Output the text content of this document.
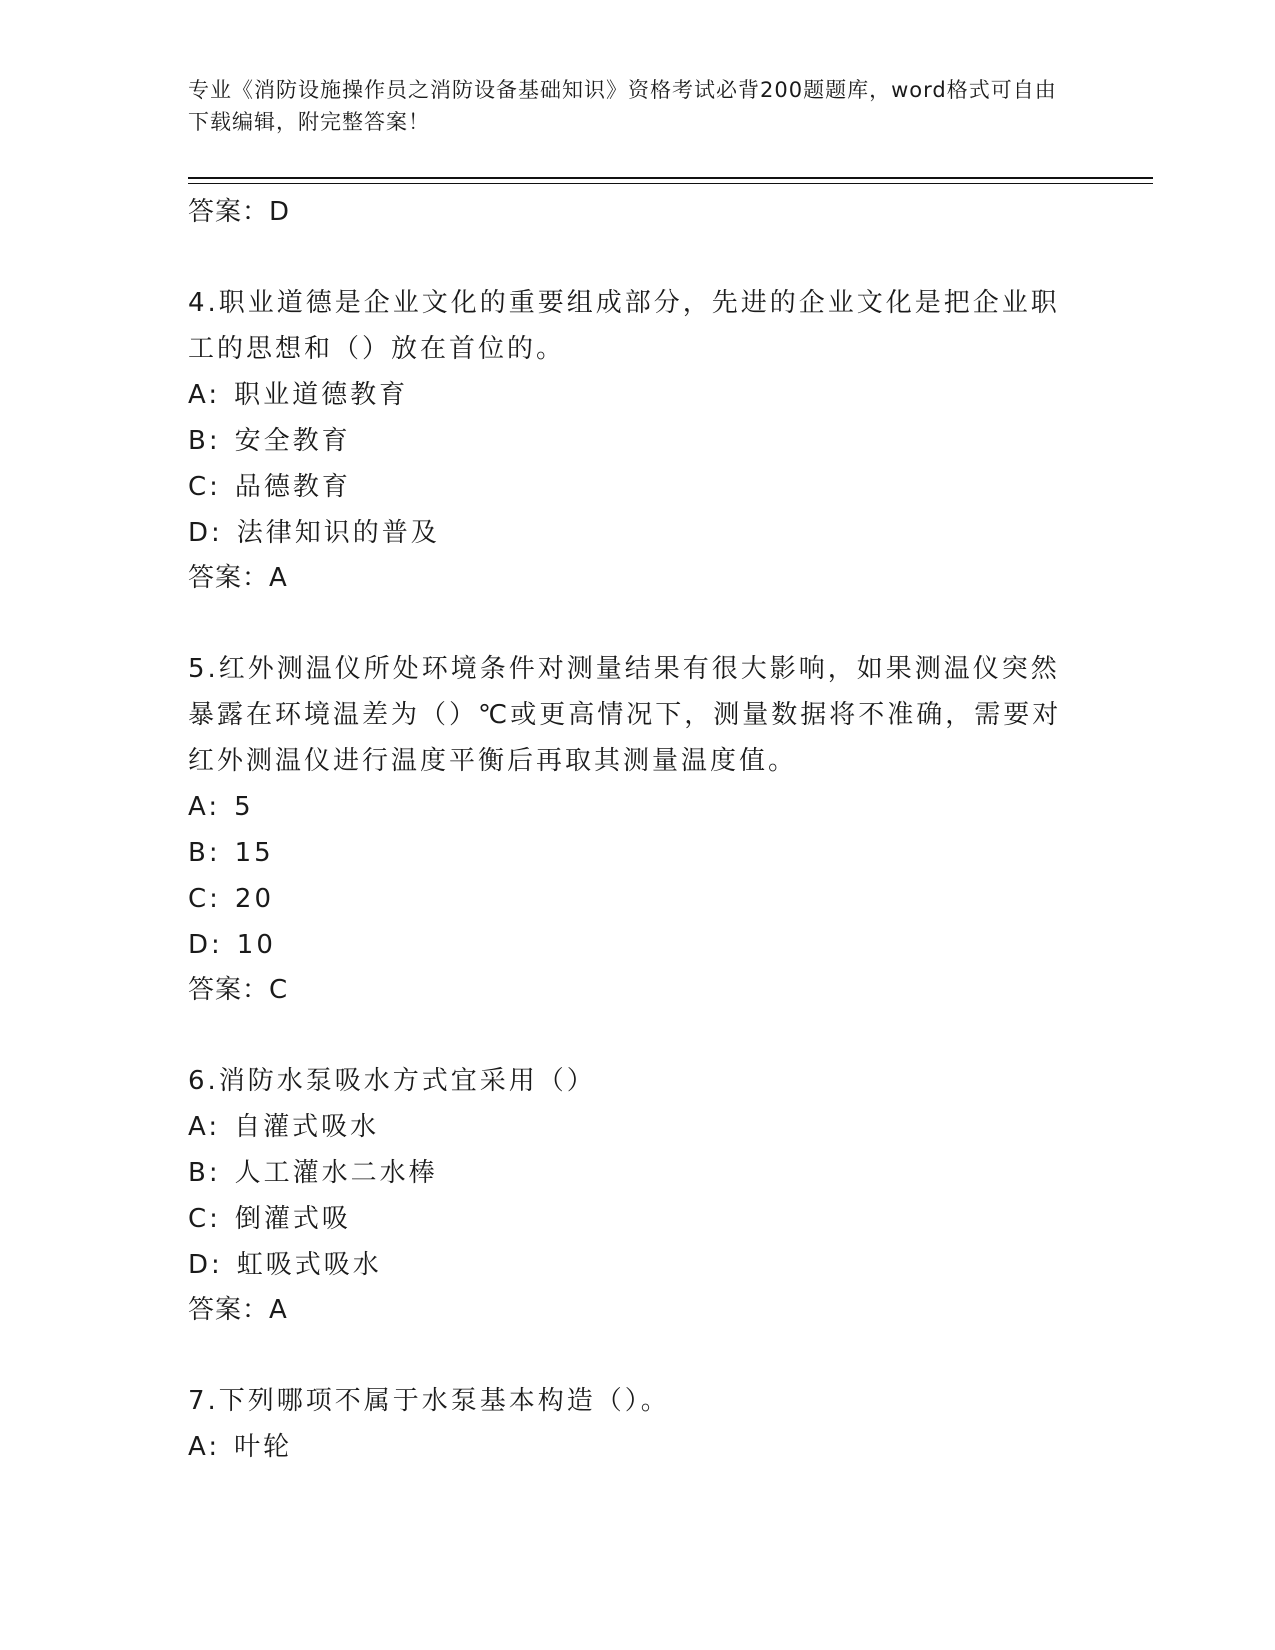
专业《消防设施操作员之消防设备基础知识》资格考试必背200题题库，word格式可自由下载编辑，附完整答案！
答案：D
4.职业道德是企业文化的重要组成部分，先进的企业文化是把企业职工的思想和（）放在首位的。
A: 职业道德教育
B: 安全教育
C: 品德教育
D: 法律知识的普及
答案：A
5.红外测温仪所处环境条件对测量结果有很大影响，如果测温仪突然暴露在环境温差为（）℃或更高情况下，测量数据将不准确，需要对红外测温仪进行温度平衡后再取其测量温度值。
A: 5
B: 15
C: 20
D: 10
答案：C
6.消防水泵吸水方式宜采用（）
A: 自灌式吸水
B: 人工灌水二水棒
C: 倒灌式吸
D: 虹吸式吸水
答案：A
7.下列哪项不属于水泵基本构造（）。
A: 叶轮
